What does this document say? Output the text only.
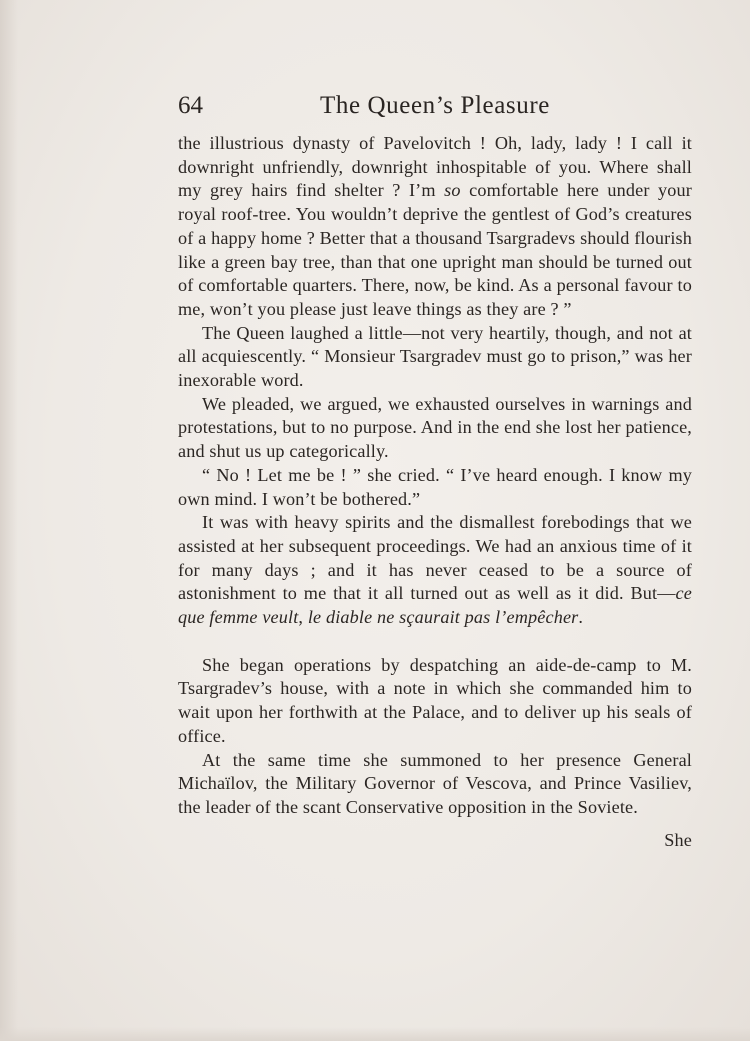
64	The Queen’s Pleasure

the illustrious dynasty of Pavelovitch ! Oh, lady, lady ! I call it downright unfriendly, downright inhospitable of you. Where shall my grey hairs find shelter ? I’m so comfortable here under your royal roof-tree. You wouldn’t deprive the gentlest of God’s creatures of a happy home ? Better that a thousand Tsargradevs should flourish like a green bay tree, than that one upright man should be turned out of comfortable quarters. There, now, be kind. As a personal favour to me, won’t you please just leave things as they are ? ”

The Queen laughed a little—not very heartily, though, and not at all acquiescently. “ Monsieur Tsargradev must go to prison,” was her inexorable word.

We pleaded, we argued, we exhausted ourselves in warnings and protestations, but to no purpose. And in the end she lost her patience, and shut us up categorically.

“ No ! Let me be ! ” she cried. “ I’ve heard enough. I know my own mind. I won’t be bothered.”

It was with heavy spirits and the dismallest forebodings that we assisted at her subsequent proceedings. We had an anxious time of it for many days ; and it has never ceased to be a source of astonishment to me that it all turned out as well as it did. But—ce que femme veult, le diable ne sçaurait pas l’empêcher.

She began operations by despatching an aide-de-camp to M. Tsargradev’s house, with a note in which she commanded him to wait upon her forthwith at the Palace, and to deliver up his seals of office.

At the same time she summoned to her presence General Michaïlov, the Military Governor of Vescova, and Prince Vasiliev, the leader of the scant Conservative opposition in the Soviete.

She
